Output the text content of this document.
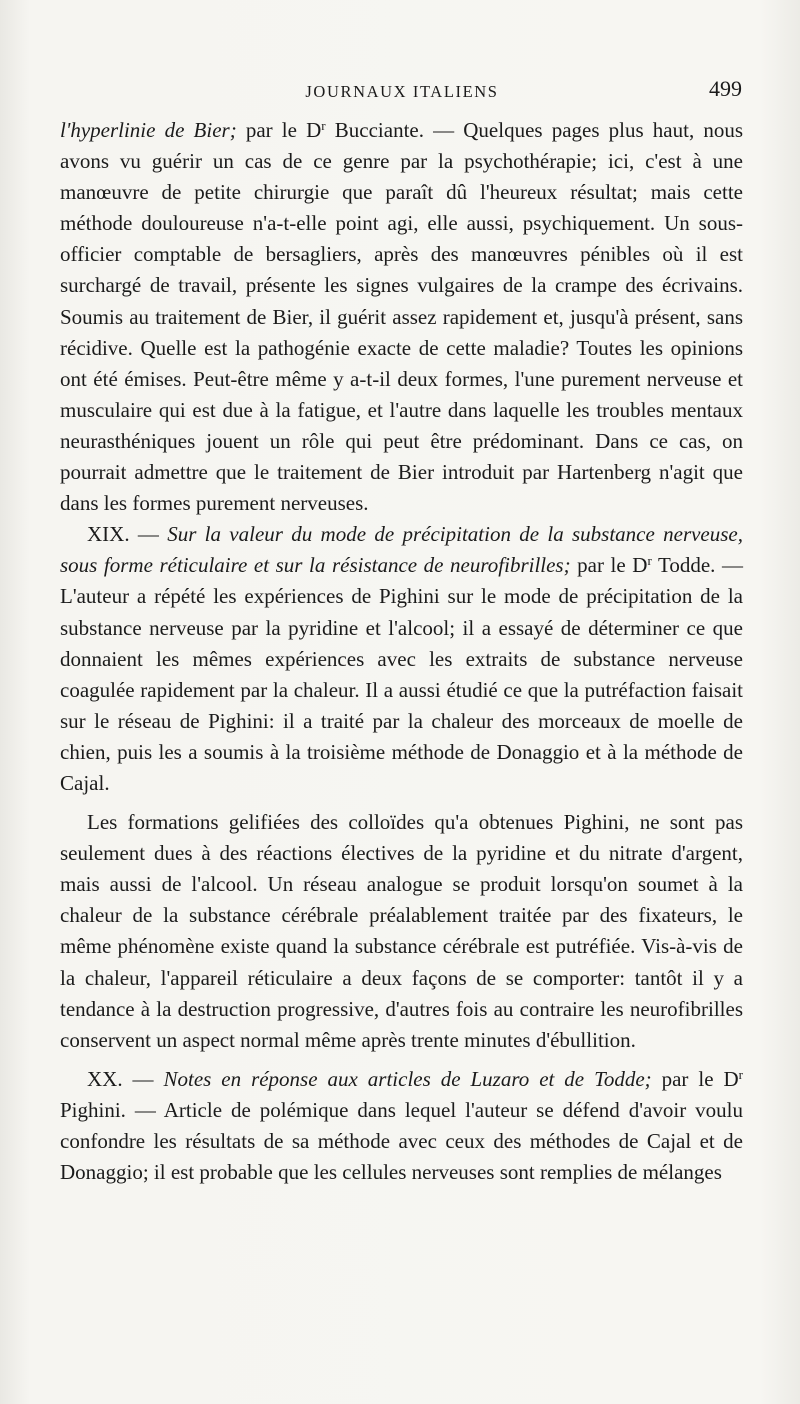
JOURNAUX ITALIENS	499

l'hyperlinie de Bier; par le $D^r$ Bucciante. — Quelques pages plus haut, nous avons vu guérir un cas de ce genre par la psychothérapie; ici, c'est à une manœuvre de petite chirurgie que paraît dû l'heureux résultat; mais cette méthode douloureuse n'a-t-elle point agi, elle aussi, psychiquement. Un sous-officier comptable de bersagliers, après des manœuvres pénibles où il est surchargé de travail, présente les signes vulgaires de la crampe des écrivains. Soumis au traitement de Bier, il guérit assez rapidement et, jusqu'à présent, sans récidive. Quelle est la pathogénie exacte de cette maladie? Toutes les opinions ont été émises. Peut-être même y a-t-il deux formes, l'une purement nerveuse et musculaire qui est due à la fatigue, et l'autre dans laquelle les troubles mentaux neurasthéniques jouent un rôle qui peut être prédominant. Dans ce cas, on pourrait admettre que le traitement de Bier introduit par Hartenberg n'agit que dans les formes purement nerveuses.

XIX. — Sur la valeur du mode de précipitation de la substance nerveuse, sous forme réticulaire et sur la résistance de neurofibrilles; par le $D^r$ Todde. — L'auteur a répété les expériences de Pighini sur le mode de précipitation de la substance nerveuse par la pyridine et l'alcool; il a essayé de déterminer ce que donnaient les mêmes expériences avec les extraits de substance nerveuse coagulée rapidement par la chaleur. Il a aussi étudié ce que la putréfaction faisait sur le réseau de Pighini: il a traité par la chaleur des morceaux de moelle de chien, puis les a soumis à la troisième méthode de Donaggio et à la méthode de Cajal.

Les formations gelifiées des colloïdes qu'a obtenues Pighini, ne sont pas seulement dues à des réactions électives de la pyridine et du nitrate d'argent, mais aussi de l'alcool. Un réseau analogue se produit lorsqu'on soumet à la chaleur de la substance cérébrale préalablement traitée par des fixateurs, le même phénomène existe quand la substance cérébrale est putréfiée. Vis-à-vis de la chaleur, l'appareil réticulaire a deux façons de se comporter: tantôt il y a tendance à la destruction progressive, d'autres fois au contraire les neurofibrilles conservent un aspect normal même après trente minutes d'ébullition.

XX. — Notes en réponse aux articles de Luzaro et de Todde; par le $D^r$ Pighini. — Article de polémique dans lequel l'auteur se défend d'avoir voulu confondre les résultats de sa méthode avec ceux des méthodes de Cajal et de Donaggio; il est probable que les cellules nerveuses sont remplies de mélanges
